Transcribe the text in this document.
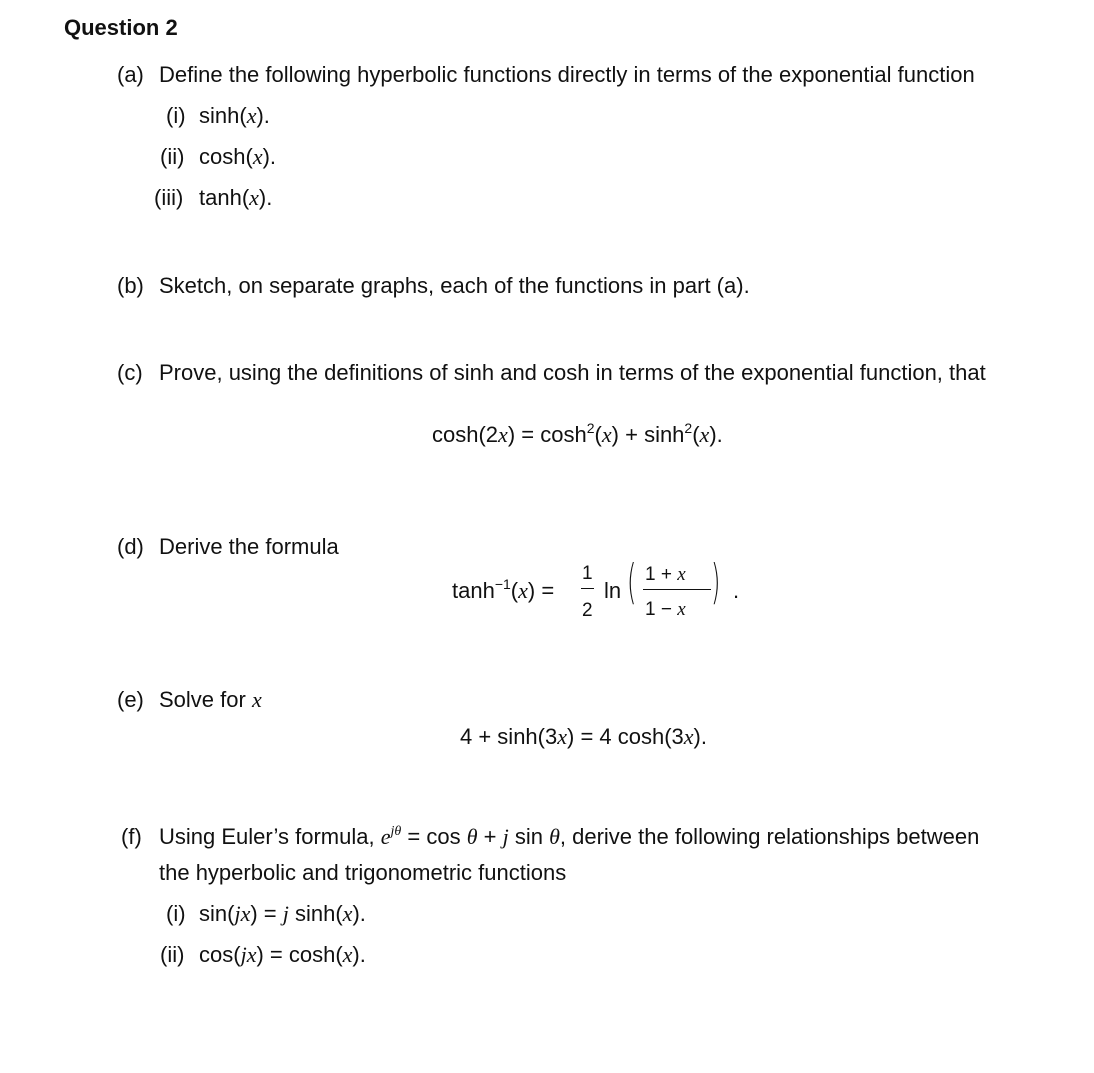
Question 2
(a) Define the following hyperbolic functions directly in terms of the exponential function
(i) sinh(x).
(ii) cosh(x).
(iii) tanh(x).
(b) Sketch, on separate graphs, each of the functions in part (a).
(c) Prove, using the definitions of sinh and cosh in terms of the exponential function, that
$\cosh(2x) = \cosh^2(x) + \sinh^2(x)$.
(d) Derive the formula
$\tanh^{-1}(x)$ =
1
2
ln ( 1 + x
1 − x ) .
(e) Solve for x
4 + sinh(3x) = 4 cosh(3x).
(f) Using Euler’s formula, $e^{j\theta} = \cos \theta + j$ sin θ, derive the following relationships between
the hyperbolic and trigonometric functions
(i) sin(jx) = j sinh(x).
(ii) cos(jx) = cosh(x).
